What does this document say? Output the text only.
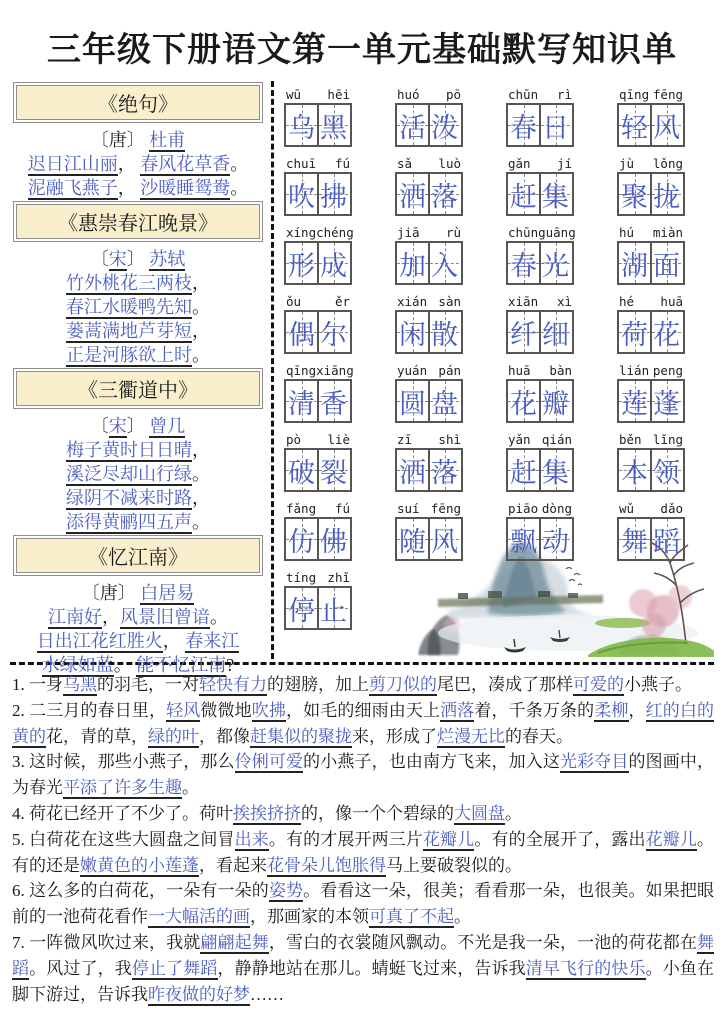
三年级下册语文第一单元基础默写知识单
《绝句》
〔唐〕 杜甫
迟日江山丽， 春风花草香。
泥融飞燕子， 沙暖睡鸳鸯。
《惠崇春江晚景》
〔宋〕 苏轼
竹外桃花三两枝，
春江水暖鸭先知。
蒌蒿满地芦芽短，
正是河豚欲上时。
《三衢道中》
〔宋〕 曾几
梅子黄时日日晴，
溪泛尽却山行绿。
绿阴不减来时路，
添得黄鹂四五声。
《忆江南》
〔唐〕 白居易
江南好，风景旧曾谙。
日出江花红胜火， 春来江
水绿如蓝。 能不忆江南?
wū hēi
乌 黑
huó pō
活 泼
chūn rì
春 日
qīng fēng
轻 风
chuī fú
吹 拂
sǎ luò
洒 落
gǎn jí
赶 集
jù lǒng
聚 拢
xíng chéng
形 成
jiā rù
加 入
chūn guāng
春 光
hú miàn
湖 面
ǒu	ěr
偶 尔
xián sàn
闲 散
xiān xì
纤 细
hé huā
荷 花
qīng xiāng
清 香
yuán pán
圆 盘
huā bàn
花 瓣
lián peng
莲 蓬
pò liè
破 裂
zī shì
洒 落
yǎn qián
赶 集
běn lǐng
本 领
fǎng fú
仿 佛
suí fēng
随 风
piāo dòng
飘 动
wǔ dǎo
舞 蹈
tíng zhǐ
停 止
1. 一身乌黑的羽毛，一对轻快有力的翅膀，加上剪刀似的尾巴，凑成了那样可爱的小燕子。
2. 二三月的春日里，轻风微微地吹拂，如毛的细雨由天上洒落着，千条万条的柔柳，红的白的黄的花，青的草，绿的叶，都像赶集似的聚拢来，形成了烂漫无比的春天。
3. 这时候，那些小燕子，那么伶俐可爱的小燕子，也由南方飞来，加入这光彩夺目的图画中，为春光平添了许多生趣。
4. 荷花已经开了不少了。荷叶挨挨挤挤的，像一个个碧绿的大圆盘。
5. 白荷花在这些大圆盘之间冒出来。有的才展开两三片花瓣儿。有的全展开了，露出花瓣儿。有的还是嫩黄色的小莲蓬，看起来花骨朵儿饱胀得马上要破裂似的。
6. 这么多的白荷花，一朵有一朵的姿势。看看这一朵，很美；看看那一朵，也很美。如果把眼前的一池荷花看作一大幅活的画，那画家的本领可真了不起。
7. 一阵微风吹过来，我就翩翩起舞，雪白的衣裳随风飘动。不光是我一朵，一池的荷花都在舞蹈。风过了，我停止了舞蹈，静静地站在那儿。蜻蜓飞过来，告诉我清早飞行的快乐。小鱼在脚下游过，告诉我昨夜做的好梦……
